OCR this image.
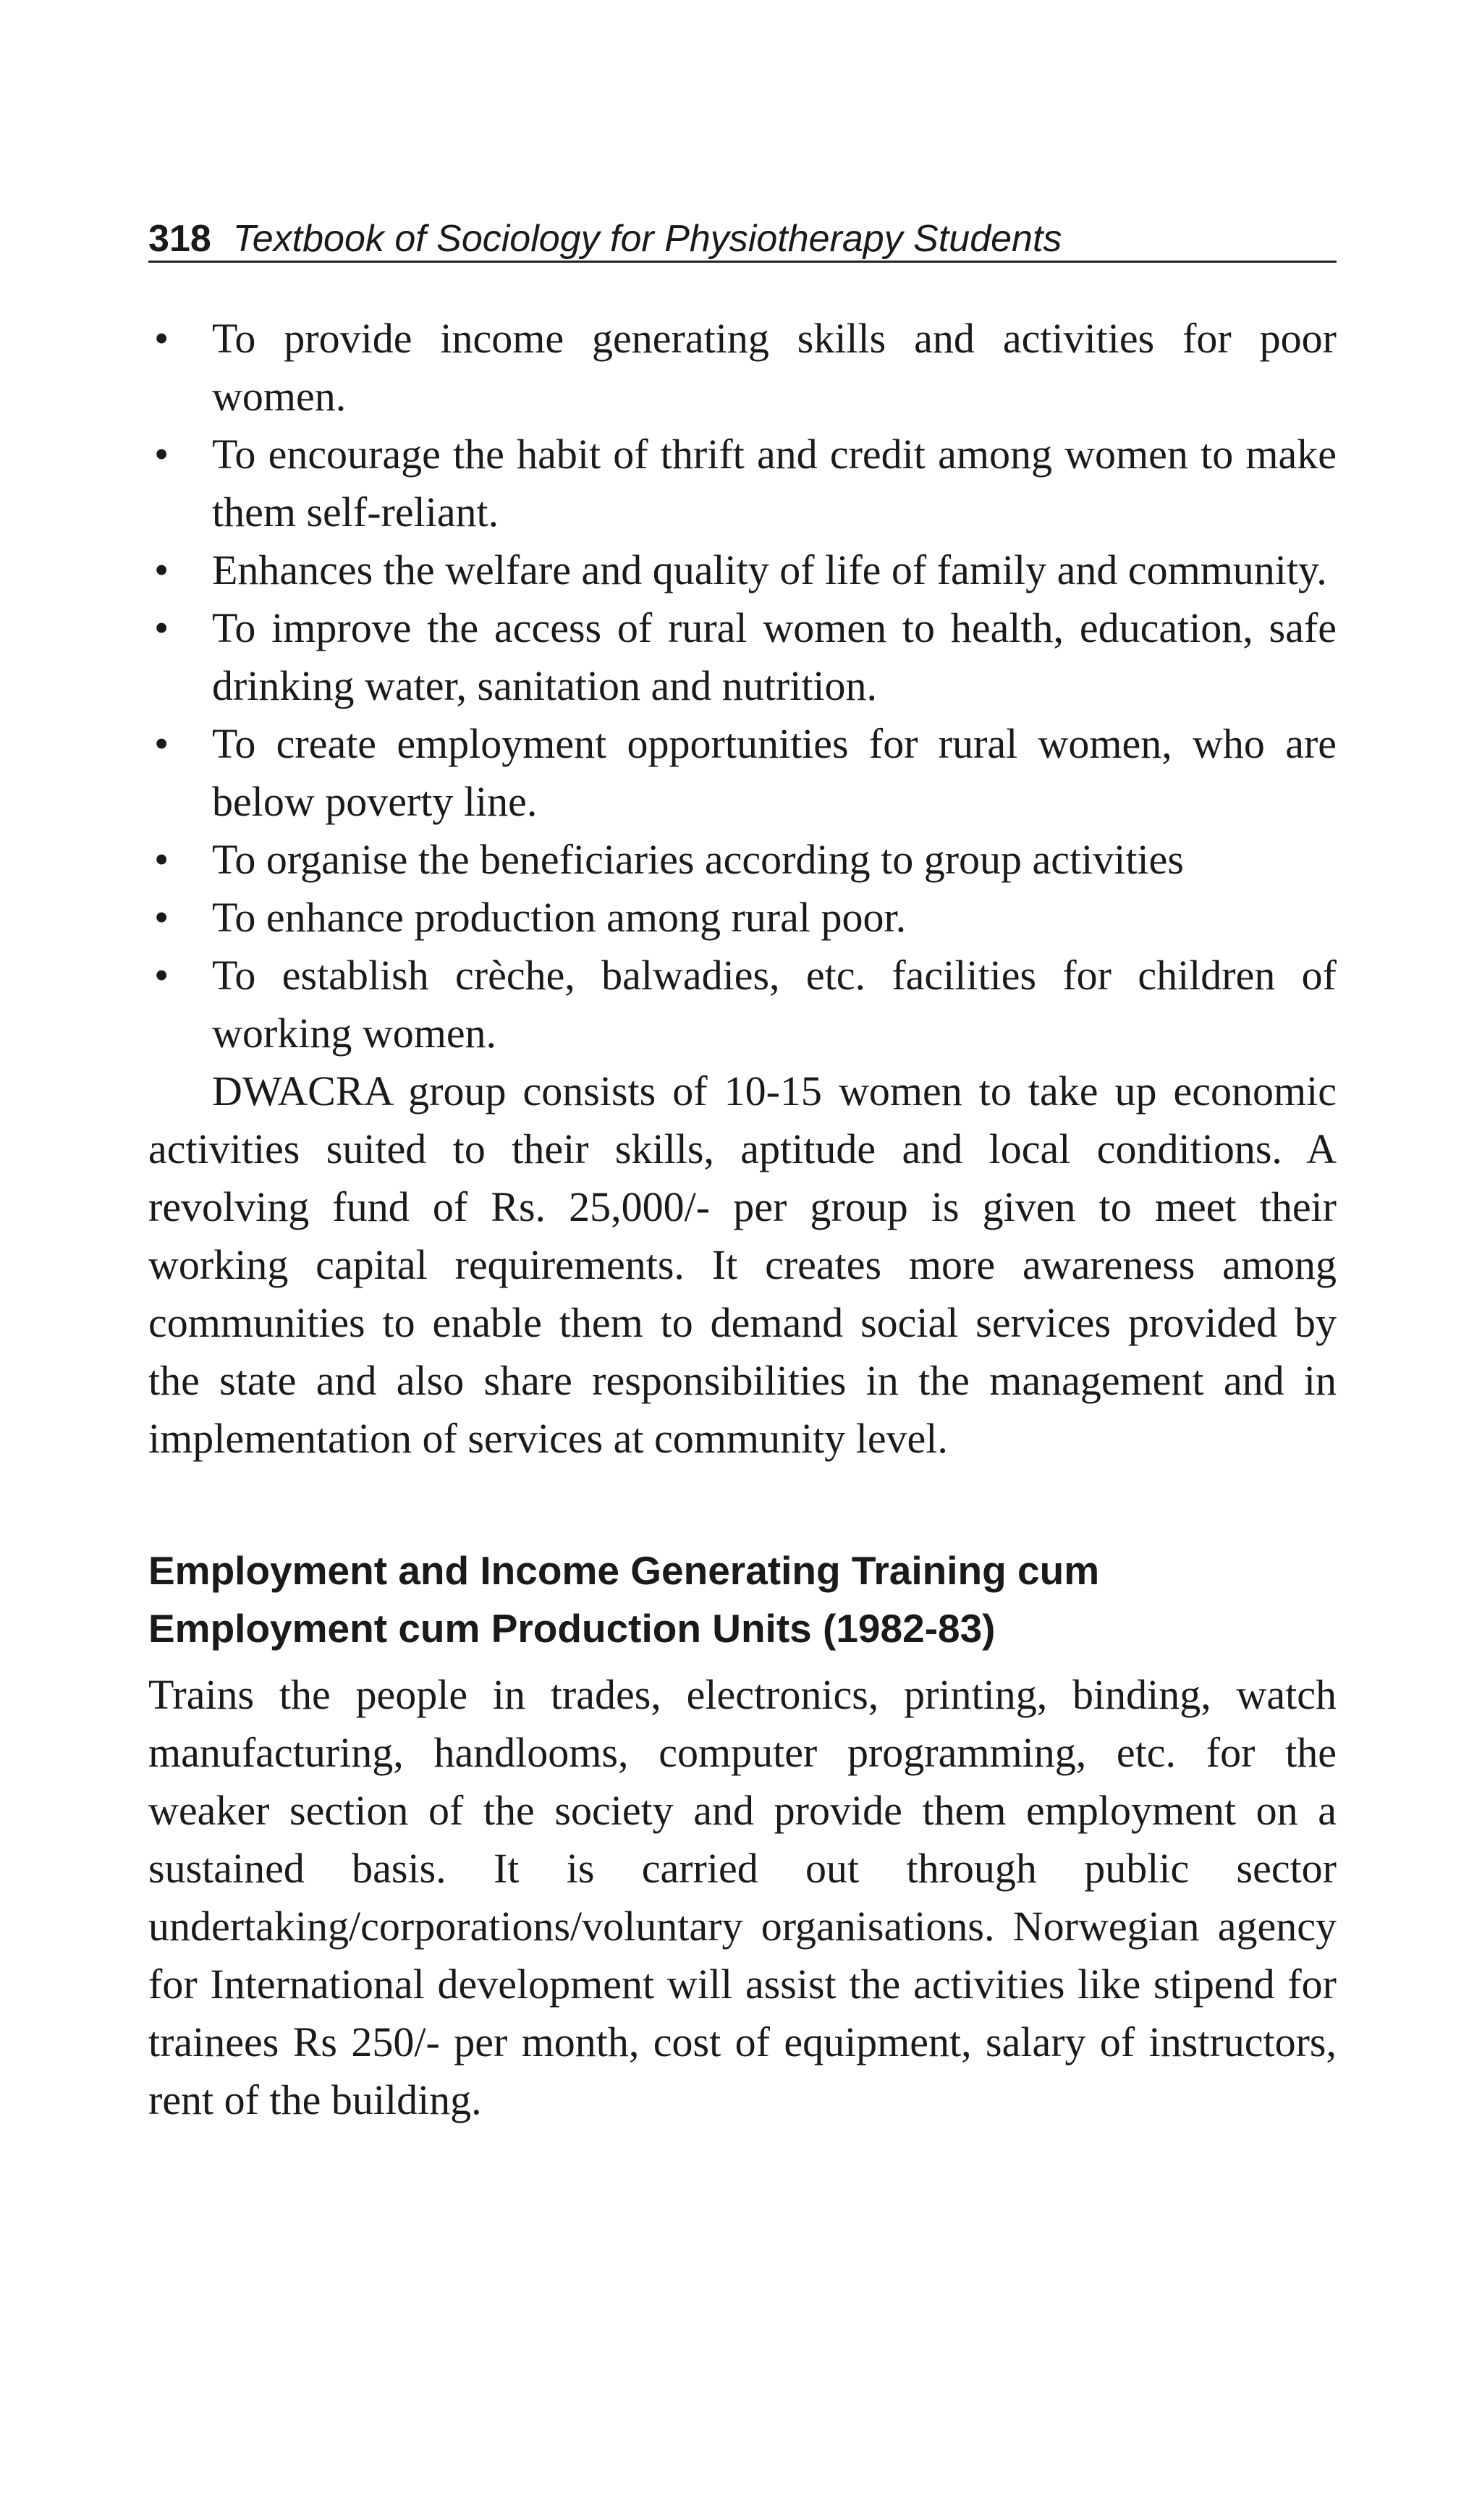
318 Textbook of Sociology for Physiotherapy Students
• To provide income generating skills and activities for poor women.
• To encourage the habit of thrift and credit among women to make them self-reliant.
• Enhances the welfare and quality of life of family and community.
• To improve the access of rural women to health, education, safe drinking water, sanitation and nutrition.
• To create employment opportunities for rural women, who are below poverty line.
• To organise the beneficiaries according to group activities
• To enhance production among rural poor.
• To establish crèche, balwadies, etc. facilities for children of working women.

DWACRA group consists of 10-15 women to take up economic activities suited to their skills, aptitude and local conditions. A revolving fund of Rs. 25,000/- per group is given to meet their working capital requirements. It creates more awareness among communities to enable them to demand social services provided by the state and also share responsibilities in the management and in implementation of services at community level.

Employment and Income Generating Training cum
Employment cum Production Units (1982-83)

Trains the people in trades, electronics, printing, binding, watch manufacturing, handlooms, computer programming, etc. for the weaker section of the society and provide them employment on a sustained basis. It is carried out through public sector undertaking/corporations/voluntary organisations. Norwegian agency for International development will assist the activities like stipend for trainees Rs 250/- per month, cost of equipment, salary of instructors, rent of the building.
